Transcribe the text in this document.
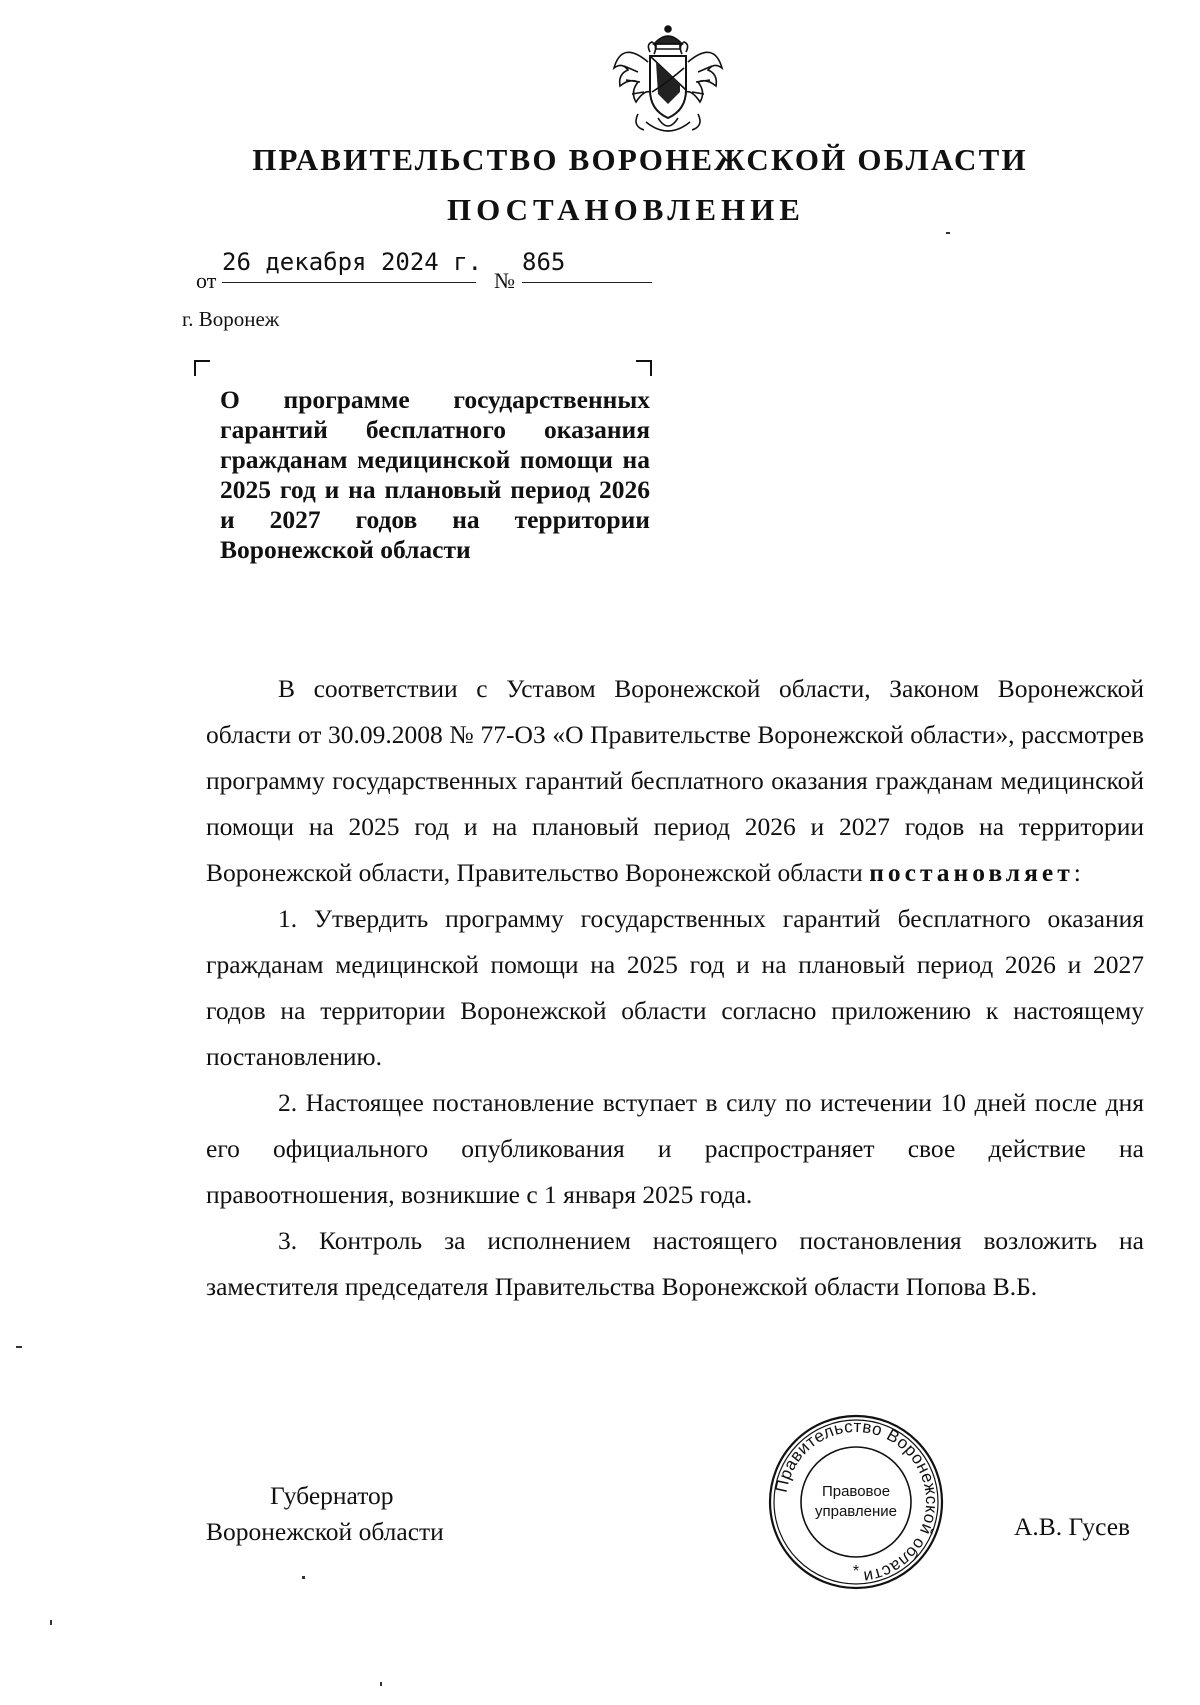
ПРАВИТЕЛЬСТВО ВОРОНЕЖСКОЙ ОБЛАСТИ
ПОСТАНОВЛЕНИЕ
от
26 декабря 2024 г.
№
865
г. Воронеж
О программе государственных гарантий бесплатного оказания гражданам медицинской помощи на 2025 год и на плановый период 2026 и 2027 годов на территории Воронежской области

В соответствии с Уставом Воронежской области, Законом Воронежской области от 30.09.2008 № 77-ОЗ «О Правительстве Воронежской области», рассмотрев программу государственных гарантий бесплатного оказания гражданам медицинской помощи на 2025 год и на плановый период 2026 и 2027 годов на территории Воронежской области, Правительство Воронежской области постановляет:

1. Утвердить программу государственных гарантий бесплатного оказания гражданам медицинской помощи на 2025 год и на плановый период 2026 и 2027 годов на территории Воронежской области согласно приложению к настоящему постановлению.

2. Настоящее постановление вступает в силу по истечении 10 дней после дня его официального опубликования и распространяет свое действие на правоотношения, возникшие с 1 января 2025 года.

3. Контроль за исполнением настоящего постановления возложить на заместителя председателя Правительства Воронежской области Попова В.Б.

Губернатор
Воронежской области
Правительство Воронежской области
Правовое
управление
*
А.В. Гусев
